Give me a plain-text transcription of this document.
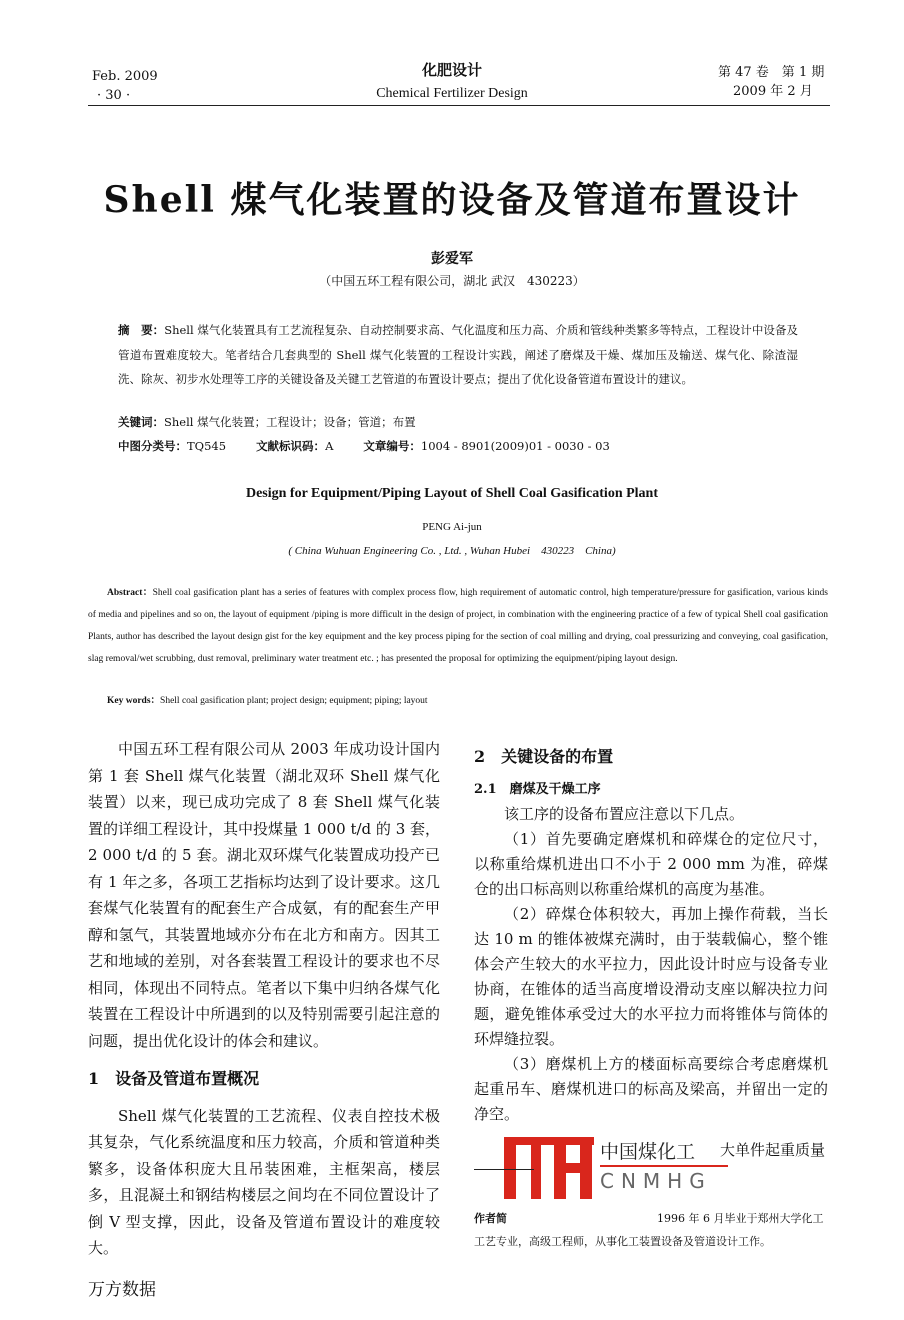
Feb. 2009
· 30 ·
化肥设计
Chemical Fertilizer Design
第 47 卷　第 1 期
2009 年 2 月
Shell 煤气化装置的设备及管道布置设计
彭爱军
（中国五环工程有限公司，湖北 武汉　430223）
摘　要：Shell 煤气化装置具有工艺流程复杂、自动控制要求高、气化温度和压力高、介质和管线种类繁多等特点，工程设计中设备及管道布置难度较大。笔者结合几套典型的 Shell 煤气化装置的工程设计实践，阐述了磨煤及干燥、煤加压及输送、煤气化、除渣湿洗、除灰、初步水处理等工序的关键设备及关键工艺管道的布置设计要点；提出了优化设备管道布置设计的建议。
关键词：Shell 煤气化装置；工程设计；设备；管道；布置
中图分类号：TQ545	文献标识码：A	文章编号：1004 - 8901(2009)01 - 0030 - 03
Design for Equipment/Piping Layout of Shell Coal Gasification Plant
PENG Ai-jun
( China Wuhuan Engineering Co. , Ltd. , Wuhan Hubei　430223　China)
Abstract：Shell coal gasification plant has a series of features with complex process flow, high requirement of automatic control, high temperature/pressure for gasification, various kinds of media and pipelines and so on, the layout of equipment /piping is more difficult in the design of project, in combination with the engineering practice of a few of typical Shell coal gasification Plants, author has described the layout design gist for the key equipment and the key process piping for the section of coal milling and drying, coal pressurizing and conveying, coal gasification, slag removal/wet scrubbing, dust removal, preliminary water treatment etc. ; has presented the proposal for optimizing the equipment/piping layout design.
Key words：Shell coal gasification plant; project design; equipment; piping; layout

中国五环工程有限公司从 2003 年成功设计国内第 1 套 Shell 煤气化装置（湖北双环 Shell 煤气化装置）以来，现已成功完成了 8 套 Shell 煤气化装置的详细工程设计，其中投煤量 1 000 t/d 的 3 套，2 000 t/d 的 5 套。湖北双环煤气化装置成功投产已有 1 年之多，各项工艺指标均达到了设计要求。这几套煤气化装置有的配套生产合成氨，有的配套生产甲醇和氢气，其装置地域亦分布在北方和南方。因其工艺和地域的差别，对各套装置工程设计的要求也不尽相同，体现出不同特点。笔者以下集中归纳各煤气化装置在工程设计中所遇到的以及特别需要引起注意的问题，提出优化设计的体会和建议。

1　设备及管道布置概况

Shell 煤气化装置的工艺流程、仪表自控技术极其复杂，气化系统温度和压力较高，介质和管道种类繁多，设备体积庞大且吊装困难，主框架高，楼层多，且混凝土和钢结构楼层之间均在不同位置设计了倒 V 型支撑，因此，设备及管道布置设计的难度较大。

2　关键设备的布置
2.1　磨煤及干燥工序

该工序的设备布置应注意以下几点。

（1）首先要确定磨煤机和碎煤仓的定位尺寸，以称重给煤机进出口不小于 2 000 mm 为准，碎煤仓的出口标高则以称重给煤机的高度为基准。

（2）碎煤仓体积较大，再加上操作荷载，当长达 10 m 的锥体被煤充满时，由于装载偏心，整个锥体会产生较大的水平拉力，因此设计时应与设备专业协商，在锥体的适当高度增设滑动支座以解决拉力问题，避免锥体承受过大的水平拉力而将锥体与筒体的环焊缝拉裂。

（3）磨煤机上方的楼面标高要综合考虑磨煤机起重吊车、磨煤机进口的标高及梁高，并留出一定的净空。

中国煤化工
CNMHG
大单件起重质量
作者简	1996 年 6 月毕业于郑州大学化工工艺专业，高级工程师，从事化工装置设备及管道设计工作。
万方数据
